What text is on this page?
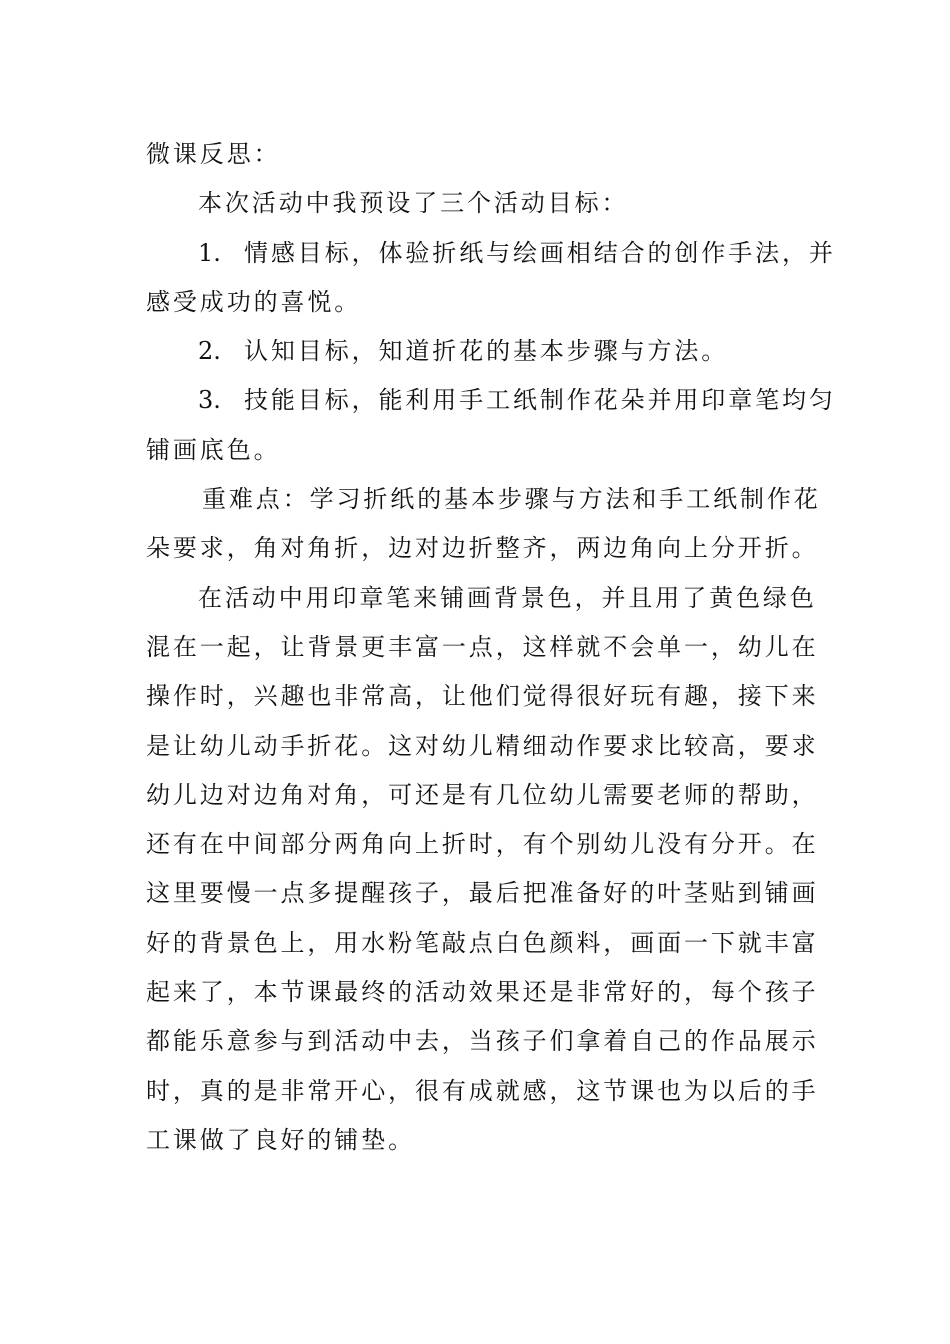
微课反思：
本次活动中我预设了三个活动目标：
1. 情感目标，体验折纸与绘画相结合的创作手法，并
感受成功的喜悦。
2. 认知目标，知道折花的基本步骤与方法。
3. 技能目标，能利用手工纸制作花朵并用印章笔均匀
铺画底色。
重难点：学习折纸的基本步骤与方法和手工纸制作花
朵要求，角对角折，边对边折整齐，两边角向上分开折。
在活动中用印章笔来铺画背景色，并且用了黄色绿色
混在一起，让背景更丰富一点，这样就不会单一，幼儿在
操作时，兴趣也非常高，让他们觉得很好玩有趣，接下来
是让幼儿动手折花。这对幼儿精细动作要求比较高，要求
幼儿边对边角对角，可还是有几位幼儿需要老师的帮助，
还有在中间部分两角向上折时，有个别幼儿没有分开。在
这里要慢一点多提醒孩子，最后把准备好的叶茎贴到铺画
好的背景色上，用水粉笔敲点白色颜料，画面一下就丰富
起来了，本节课最终的活动效果还是非常好的，每个孩子
都能乐意参与到活动中去，当孩子们拿着自己的作品展示
时，真的是非常开心，很有成就感，这节课也为以后的手
工课做了良好的铺垫。
